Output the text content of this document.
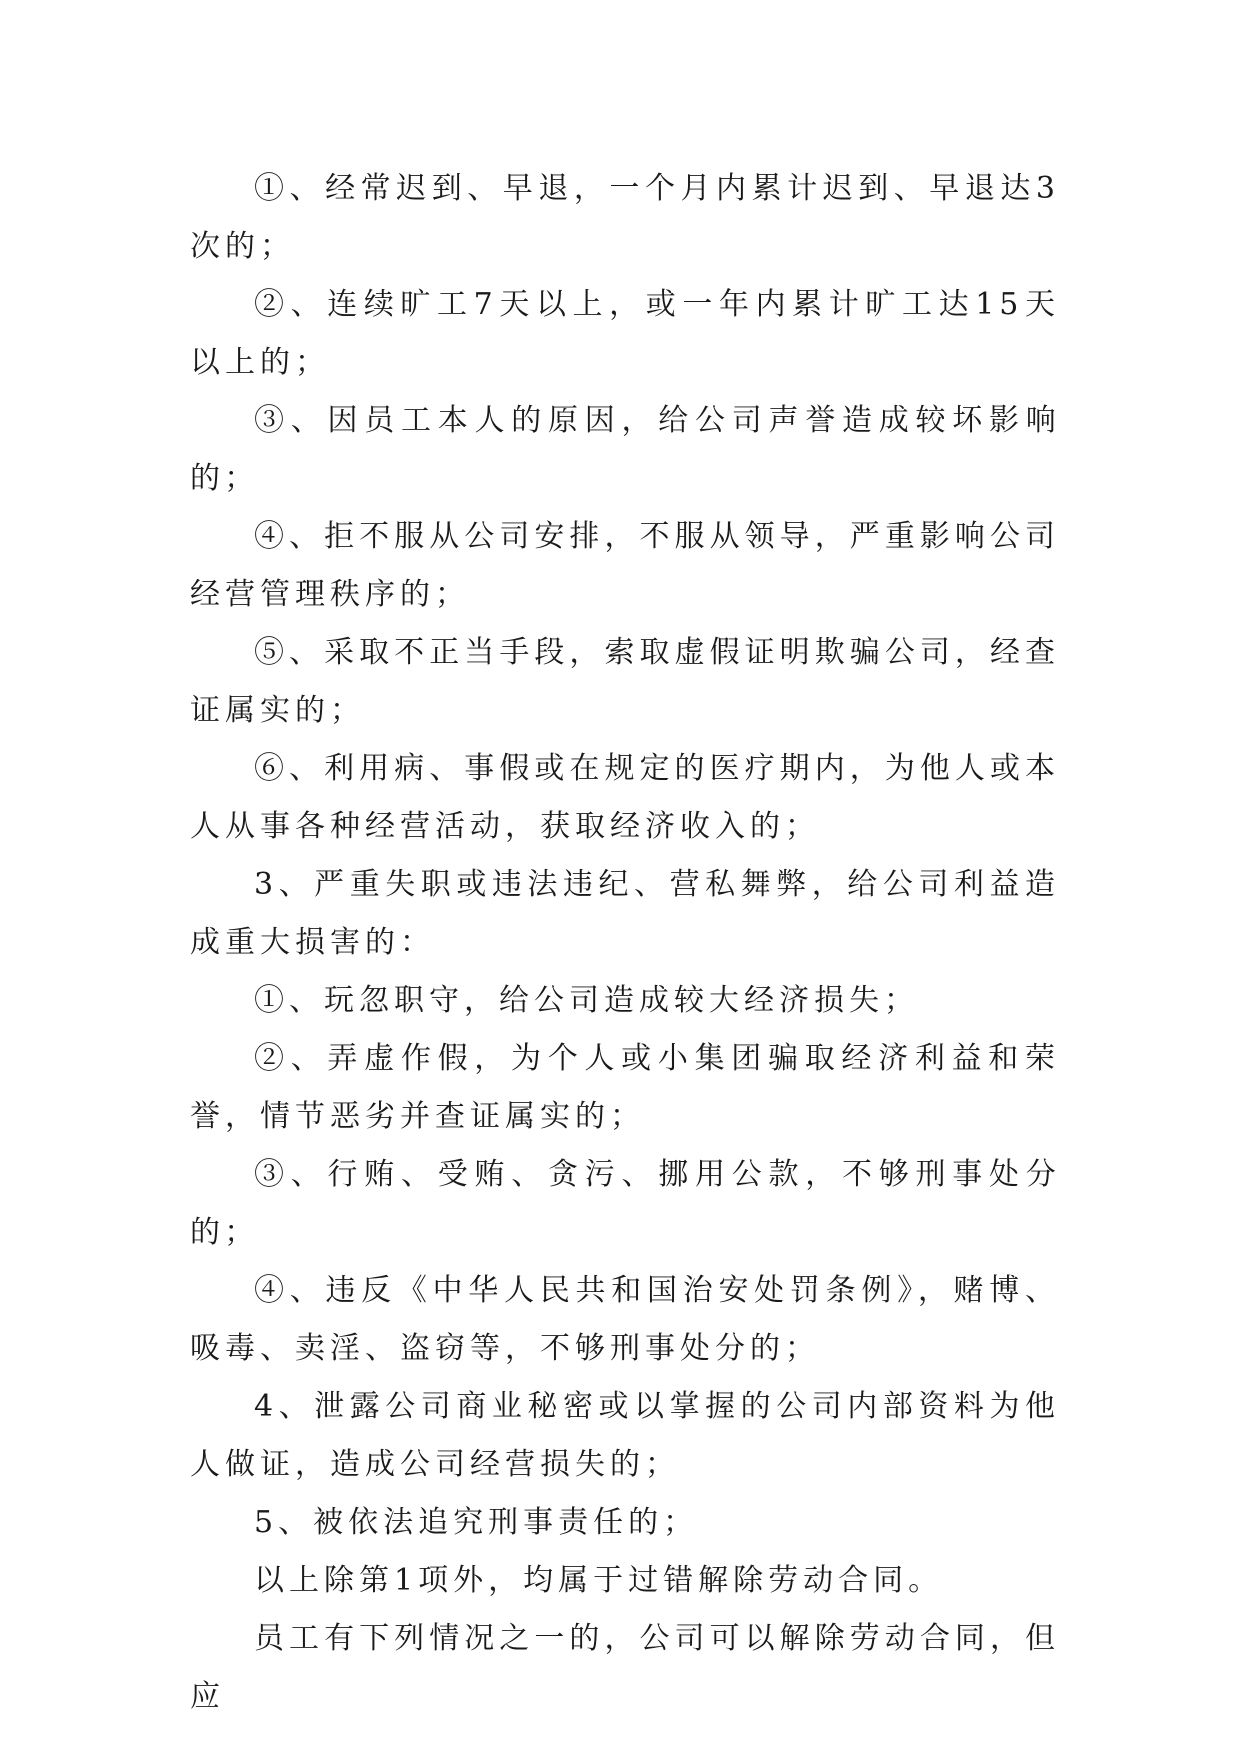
①、经常迟到、早退，一个月内累计迟到、早退达3次的；

②、连续旷工7天以上，或一年内累计旷工达15天以上的；

③、因员工本人的原因，给公司声誉造成较坏影响的；

④、拒不服从公司安排，不服从领导，严重影响公司经营管理秩序的；

⑤、采取不正当手段，索取虚假证明欺骗公司，经查证属实的；

⑥、利用病、事假或在规定的医疗期内，为他人或本人从事各种经营活动，获取经济收入的；

3、严重失职或违法违纪、营私舞弊，给公司利益造成重大损害的：

①、玩忽职守，给公司造成较大经济损失；

②、弄虚作假，为个人或小集团骗取经济利益和荣誉，情节恶劣并查证属实的；

③、行贿、受贿、贪污、挪用公款，不够刑事处分的；

④、违反《中华人民共和国治安处罚条例》，赌博、吸毒、卖淫、盗窃等，不够刑事处分的；

4、泄露公司商业秘密或以掌握的公司内部资料为他人做证，造成公司经营损失的；

5、被依法追究刑事责任的；

以上除第1项外，均属于过错解除劳动合同。

员工有下列情况之一的，公司可以解除劳动合同，但应
